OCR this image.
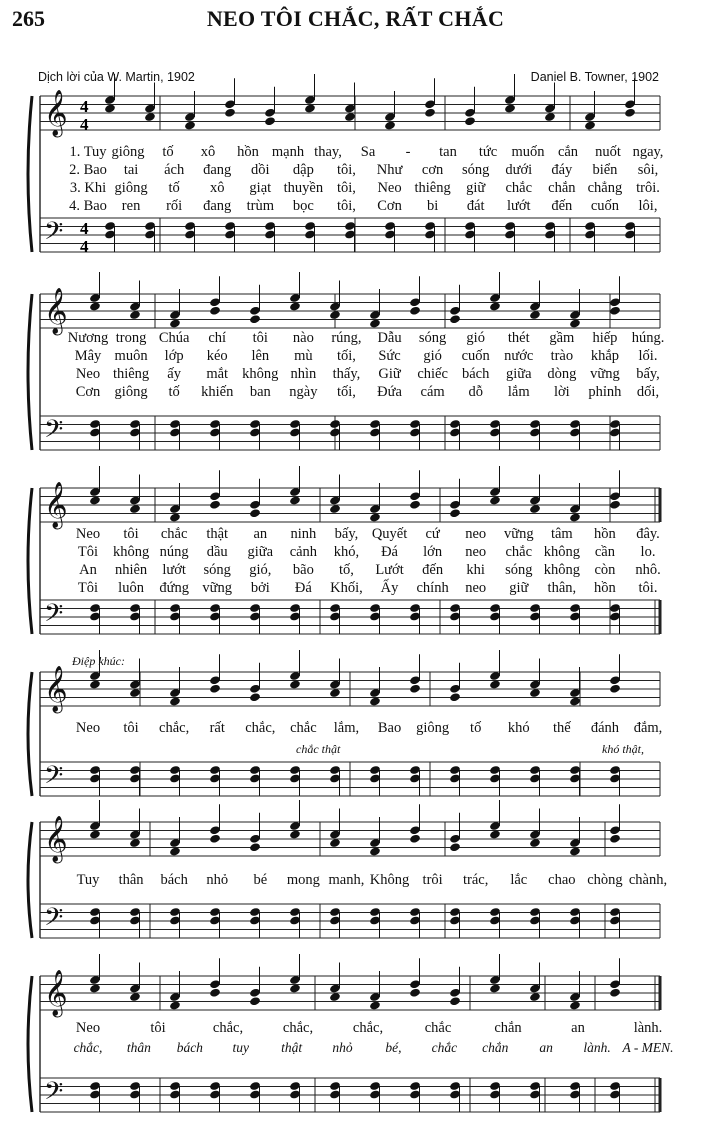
265	NEO TÔI CHẮC, RẤT CHẮC
Dịch lời của W. Martin, 1902	Daniel B. Towner, 1902
𝄞
𝄢
4
4
4
4
1. Tuy giông tố xô hồn mạnh thay, Sa - tan tức muốn cắn nuốt ngay,
2. Bao tai ách đang dồi dập tôi, Như cơn sóng dưới đáy biển sôi,
3. Khi giông tố xô giạt thuyền tôi, Neo thiêng giữ chắc chắn chẳng trôi.
4. Bao ren rối đang trùm bọc tôi, Cơn bi đát lướt đến cuốn lôi,
𝄞
𝄢
Nương trong Chúa chí tôi nào rúng, Dẫu sóng gió thét gầm hiếp húng.
Mây muôn lớp kéo lên mù tối, Sức gió cuốn nước trào khắp lối.
Neo thiêng ấy mắt không nhìn thấy, Giữ chiếc bách giữa dòng vững bấy,
Cơn giông tố khiến ban ngày tối, Đứa cám dỗ lắm lời phỉnh dối,
𝄞
𝄢
Neo tôi chắc thật an ninh bấy, Quyết cứ neo vững tâm hồn đây.
Tôi không núng dầu giữa cảnh khó, Đá lớn neo chắc không cần lo.
An nhiên lướt sóng gió, bão tố, Lướt đến khi sóng không còn nhô.
Tôi luôn đứng vững bởi Đá Khối, Ấy chính neo giữ thân, hồn tôi.
Điệp khúc:
𝄞
𝄢
Neo tôi chắc, rất chắc, chắc lắm, Bao giông tố khó thế đánh đắm,
chắc thật	khó thật,
𝄞
𝄢
Tuy thân bách nhỏ bé mong manh, Không trôi trác, lắc chao chòng chành,
𝄞
𝄢
Neo	tôi	chắc,	chắc,	chắc,	chắc	chắn	an	lành.
chắc, thân bách tuy thật nhỏ bé, chắc chắn an lành. A - MEN.
